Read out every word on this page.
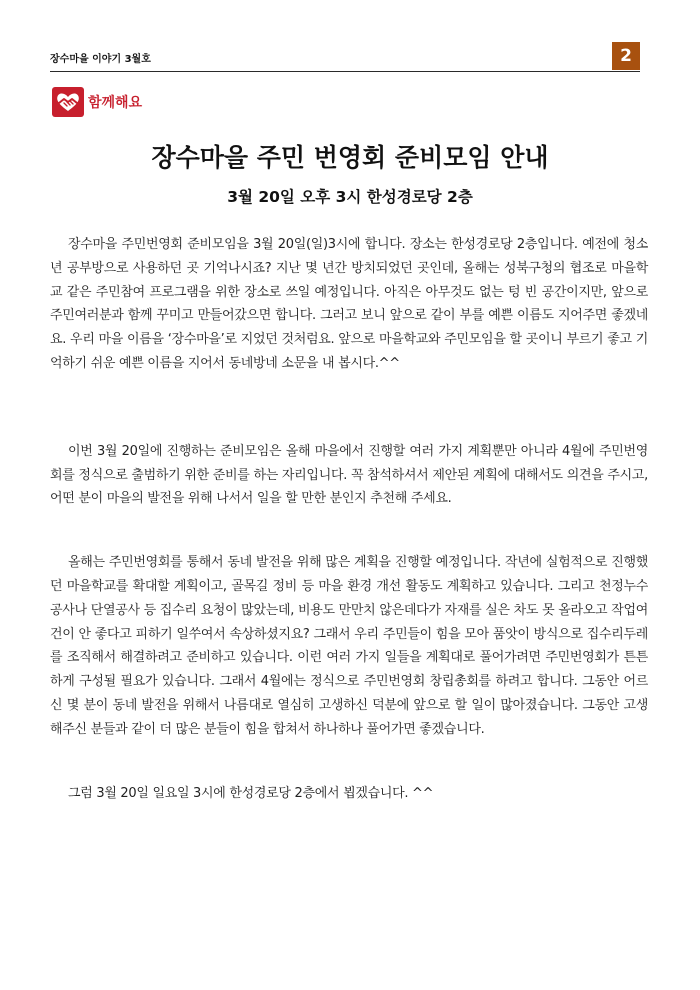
장수마을 이야기 3월호	2
함께해요
장수마을 주민 번영회 준비모임 안내
3월 20일 오후 3시 한성경로당 2층

장수마을 주민번영회 준비모임을 3월 20일(일)3시에 합니다. 장소는 한성경로당 2층입니다. 예전에 청소년 공부방으로 사용하던 곳 기억나시죠? 지난 몇 년간 방치되었던 곳인데, 올해는 성북구청의 협조로 마을학교 같은 주민참여 프로그램을 위한 장소로 쓰일 예정입니다. 아직은 아무것도 없는 텅 빈 공간이지만, 앞으로 주민여러분과 함께 꾸미고 만들어갔으면 합니다. 그러고 보니 앞으로 같이 부를 예쁜 이름도 지어주면 좋겠네요. 우리 마을 이름을 ‘장수마을’로 지었던 것처럼요. 앞으로 마을학교와 주민모임을 할 곳이니 부르기 좋고 기억하기 쉬운 예쁜 이름을 지어서 동네방네 소문을 내 봅시다.^^

이번 3월 20일에 진행하는 준비모임은 올해 마을에서 진행할 여러 가지 계획뿐만 아니라 4월에 주민번영회를 정식으로 출범하기 위한 준비를 하는 자리입니다. 꼭 참석하셔서 제안된 계획에 대해서도 의견을 주시고, 어떤 분이 마을의 발전을 위해 나서서 일을 할 만한 분인지 추천해 주세요.

올해는 주민번영회를 통해서 동네 발전을 위해 많은 계획을 진행할 예정입니다. 작년에 실험적으로 진행했던 마을학교를 확대할 계획이고, 골목길 정비 등 마을 환경 개선 활동도 계획하고 있습니다. 그리고 천정누수공사나 단열공사 등 집수리 요청이 많았는데, 비용도 만만치 않은데다가 자재를 실은 차도 못 올라오고 작업여건이 안 좋다고 피하기 일쑤여서 속상하셨지요? 그래서 우리 주민들이 힘을 모아 품앗이 방식으로 집수리두레를 조직해서 해결하려고 준비하고 있습니다. 이런 여러 가지 일들을 계획대로 풀어가려면 주민번영회가 튼튼하게 구성될 필요가 있습니다. 그래서 4월에는 정식으로 주민번영회 창립총회를 하려고 합니다. 그동안 어르신 몇 분이 동네 발전을 위해서 나름대로 열심히 고생하신 덕분에 앞으로 할 일이 많아졌습니다. 그동안 고생해주신 분들과 같이 더 많은 분들이 힘을 합쳐서 하나하나 풀어가면 좋겠습니다.

그럼 3월 20일 일요일 3시에 한성경로당 2층에서 뵙겠습니다. ^^
